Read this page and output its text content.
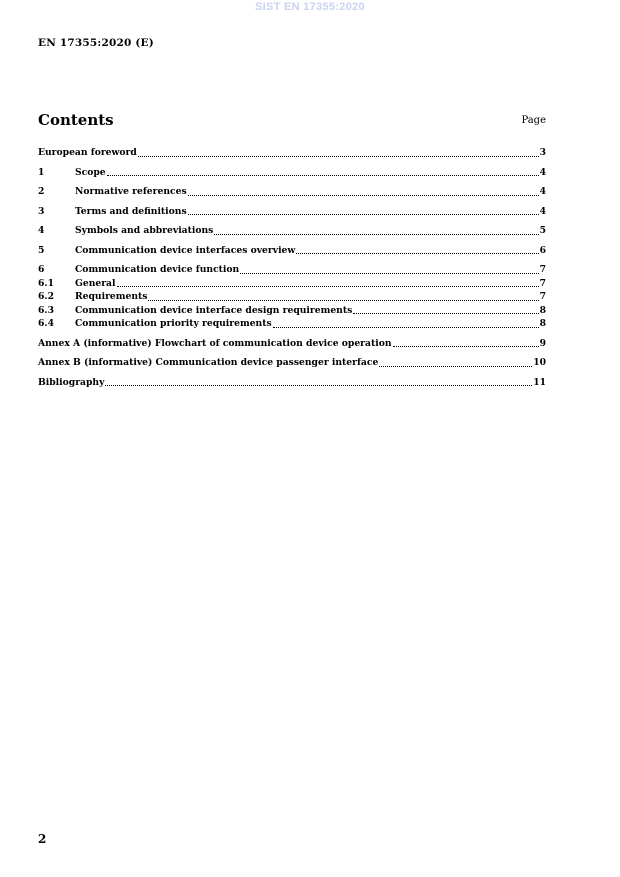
SIST EN 17355:2020
EN 17355:2020 (E)
Contents	Page
European foreword	3
1	Scope	4
2	Normative references	4
3	Terms and definitions	4
4	Symbols and abbreviations	5
5	Communication device interfaces overview	6
6	Communication device function	7
6.1	General	7
6.2	Requirements	7
6.3	Communication device interface design requirements	8
6.4	Communication priority requirements	8
Annex A (informative) Flowchart of communication device operation	9
Annex B (informative) Communication device passenger interface	10
Bibliography	11
2
